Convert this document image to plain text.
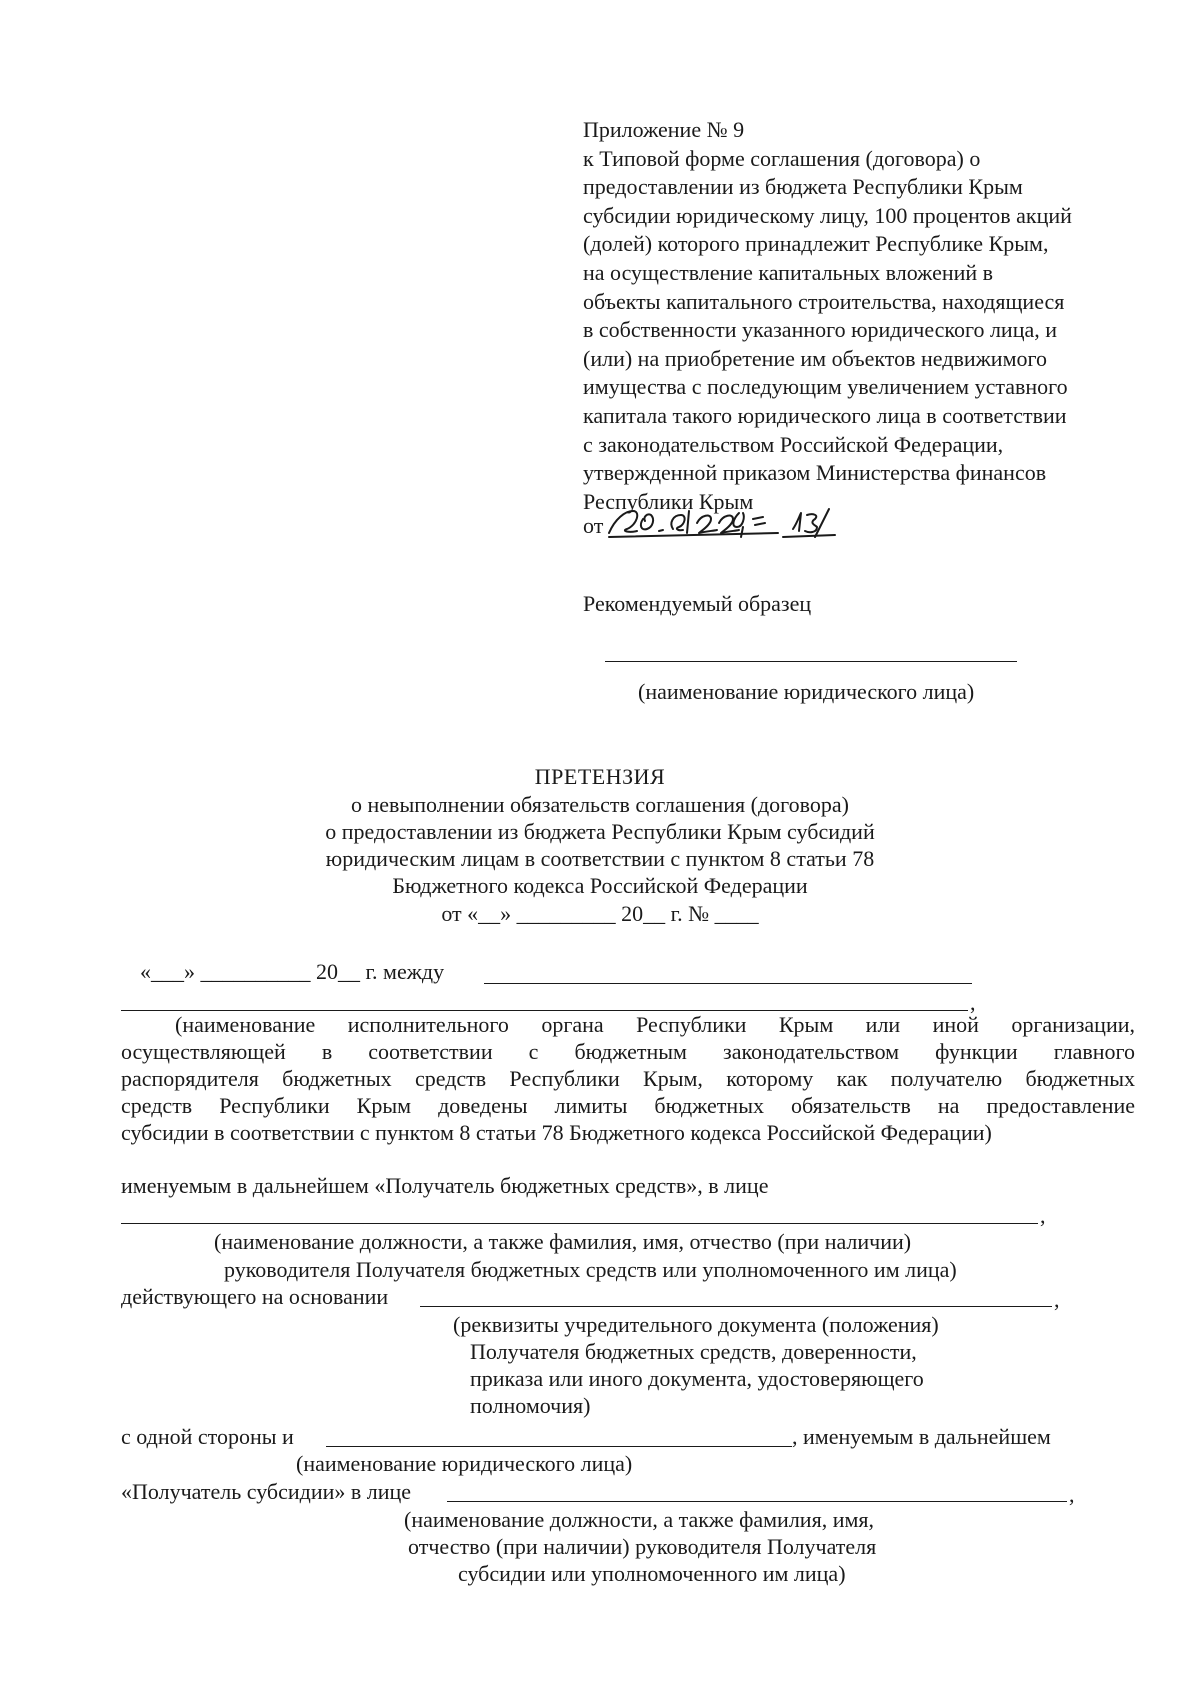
Приложение № 9
к Типовой форме соглашения (договора) о
предоставлении из бюджета Республики Крым
субсидии юридическому лицу, 100 процентов акций
(долей) которого принадлежит Республике Крым,
на осуществление капитальных вложений в
объекты капитального строительства, находящиеся
в собственности указанного юридического лица, и
(или) на приобретение им объектов недвижимого
имущества с последующим увеличением уставного
капитала такого юридического лица в соответствии
с законодательством Российской Федерации,
утвержденной приказом Министерства финансов
Республики Крым
от
Рекомендуемый образец
(наименование юридического лица)
ПРЕТЕНЗИЯ
о невыполнении обязательств соглашения (договора)
о предоставлении из бюджета Республики Крым субсидий
юридическим лицам в соответствии с пунктом 8 статьи 78
Бюджетного кодекса Российской Федерации
от «__» _________ 20__ г. № ____
«___» __________ 20__ г. между
,
(наименование исполнительного органа Республики Крым или иной организации,
осуществляющей в соответствии с бюджетным законодательством функции главного
распорядителя бюджетных средств Республики Крым, которому как получателю бюджетных
средств Республики Крым доведены лимиты бюджетных обязательств на предоставление
субсидии в соответствии с пунктом 8 статьи 78 Бюджетного кодекса Российской Федерации)
именуемым в дальнейшем «Получатель бюджетных средств», в лице
,
(наименование должности, а также фамилия, имя, отчество (при наличии)
руководителя Получателя бюджетных средств или уполномоченного им лица)
действующего на основании	,
(реквизиты учредительного документа (положения)
Получателя бюджетных средств, доверенности,
приказа или иного документа, удостоверяющего
полномочия)
с одной стороны и	, именуемым в дальнейшем
(наименование юридического лица)
«Получатель субсидии» в лице	,
(наименование должности, а также фамилия, имя,
отчество (при наличии) руководителя Получателя
субсидии или уполномоченного им лица)
